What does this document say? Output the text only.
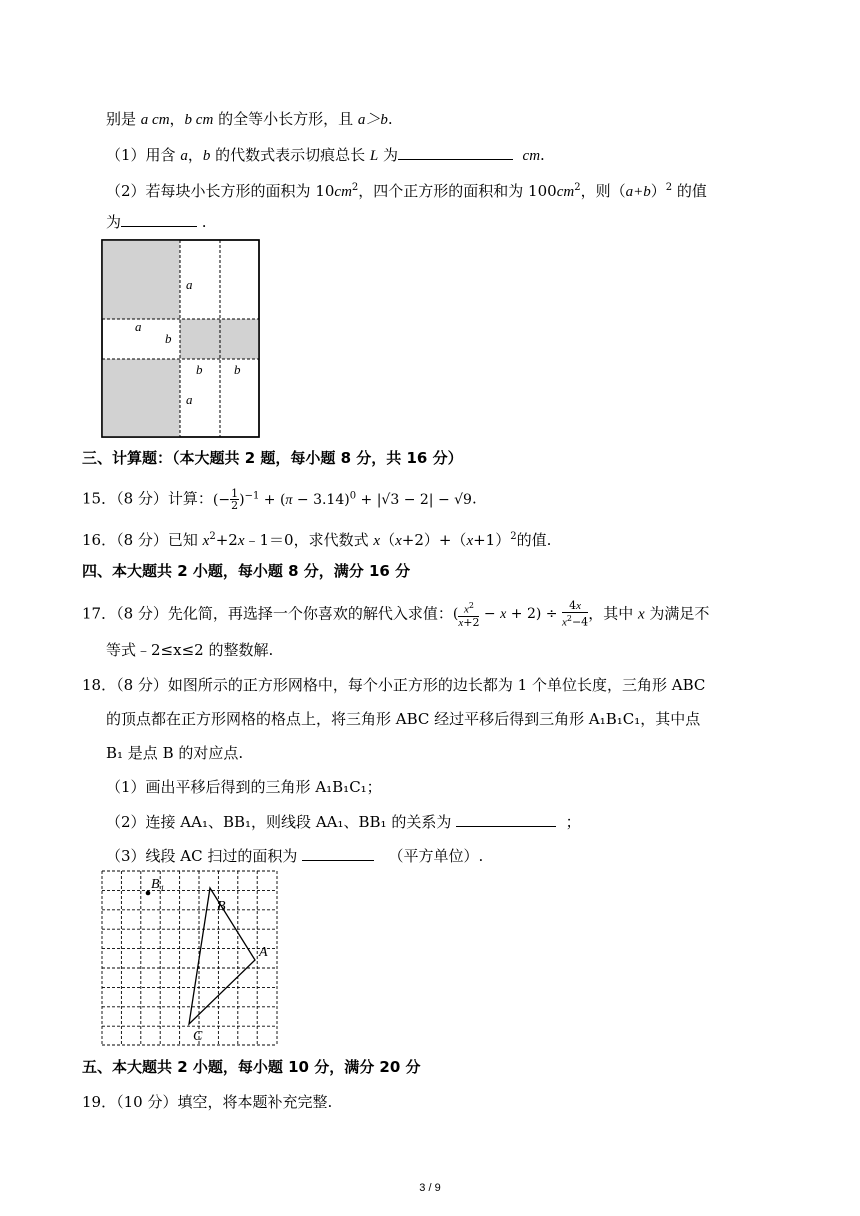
别是 a cm，b cm 的全等小长方形，且 a＞b.
（1）用含 a，b 的代数式表示切痕总长 L 为	cm.
（2）若每块小长方形的面积为 $10cm^2$，四个正方形的面积和为 $100cm^2$，则$(a+b)^2$ 的值
为	.
a
a
b
b b
a
三、计算题：（本大题共 2 题，每小题 8 分，共 16 分）
15．（8 分）计算：(− $\frac{1}{2} )^{-1} + (\pi - 3.14)^0 + |√3 - 2| - √9$.
16．（8 分）已知 $x^2+2x﹣1=0$，求代数式 $x(x+2)+(x+1)^2$的值.
四、本大题共 2 小题，每小题 8 分，满分 16 分
17．（8 分）先化简，再选择一个你喜欢的解代入求值：( $\frac{x^2}{x+2} - x + 2) \div \frac{4x}{x^2-4}$ ，其中 x 为满足不
等式﹣2≤x≤2 的整数解.
18．（8 分）如图所示的正方形网格中，每个小正方形的边长都为 1 个单位长度，三角形 ABC
的顶点都在正方形网格的格点上，将三角形 ABC 经过平移后得到三角形 A₁B₁C₁，其中点
B₁ 是点 B 的对应点.
（1）画出平移后得到的三角形 A₁B₁C₁；
（2）连接 AA₁、BB₁，则线段 AA₁、BB₁ 的关系为	；
（3）线段 AC 扫过的面积为	（平方单位）.
B₁
B
A
C
五、本大题共 2 小题，每小题 10 分，满分 20 分
19．（10 分）填空，将本题补充完整.
3 / 9
